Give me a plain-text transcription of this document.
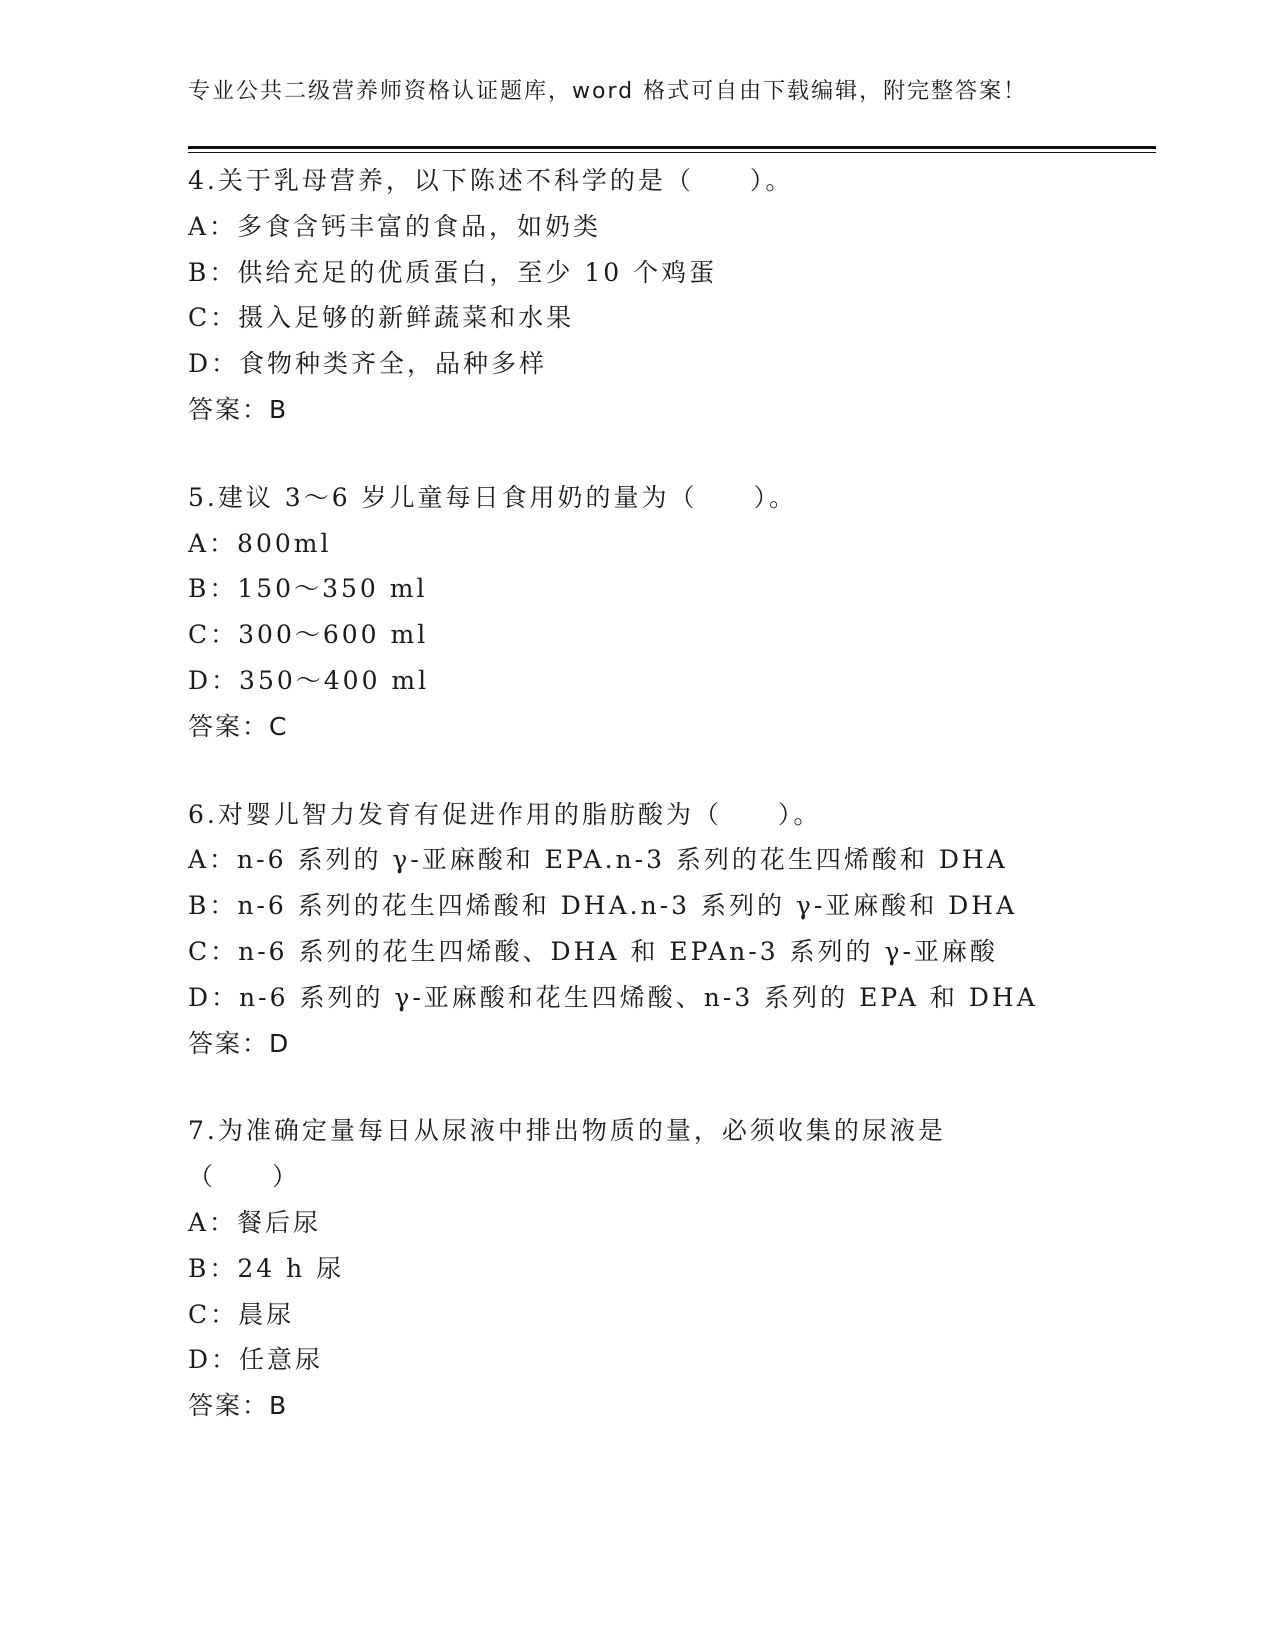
专业公共二级营养师资格认证题库，word 格式可自由下载编辑，附完整答案！
4.关于乳母营养，以下陈述不科学的是（　　）。
A：多食含钙丰富的食品，如奶类
B：供给充足的优质蛋白，至少 10 个鸡蛋
C：摄入足够的新鲜蔬菜和水果
D：食物种类齐全，品种多样
答案：B
5.建议 3～6 岁儿童每日食用奶的量为（　　）。
A：800ml
B：150～350 ml
C：300～600 ml
D：350～400 ml
答案：C
6.对婴儿智力发育有促进作用的脂肪酸为（　　）。
A：n-6 系列的 γ-亚麻酸和 EPA.n-3 系列的花生四烯酸和 DHA
B：n-6 系列的花生四烯酸和 DHA.n-3 系列的 γ-亚麻酸和 DHA
C：n-6 系列的花生四烯酸、DHA 和 EPAn-3 系列的 γ-亚麻酸
D：n-6 系列的 γ-亚麻酸和花生四烯酸、n-3 系列的 EPA 和 DHA
答案：D
7.为准确定量每日从尿液中排出物质的量，必须收集的尿液是（　　）
A：餐后尿
B：24 h 尿
C：晨尿
D：任意尿
答案：B
